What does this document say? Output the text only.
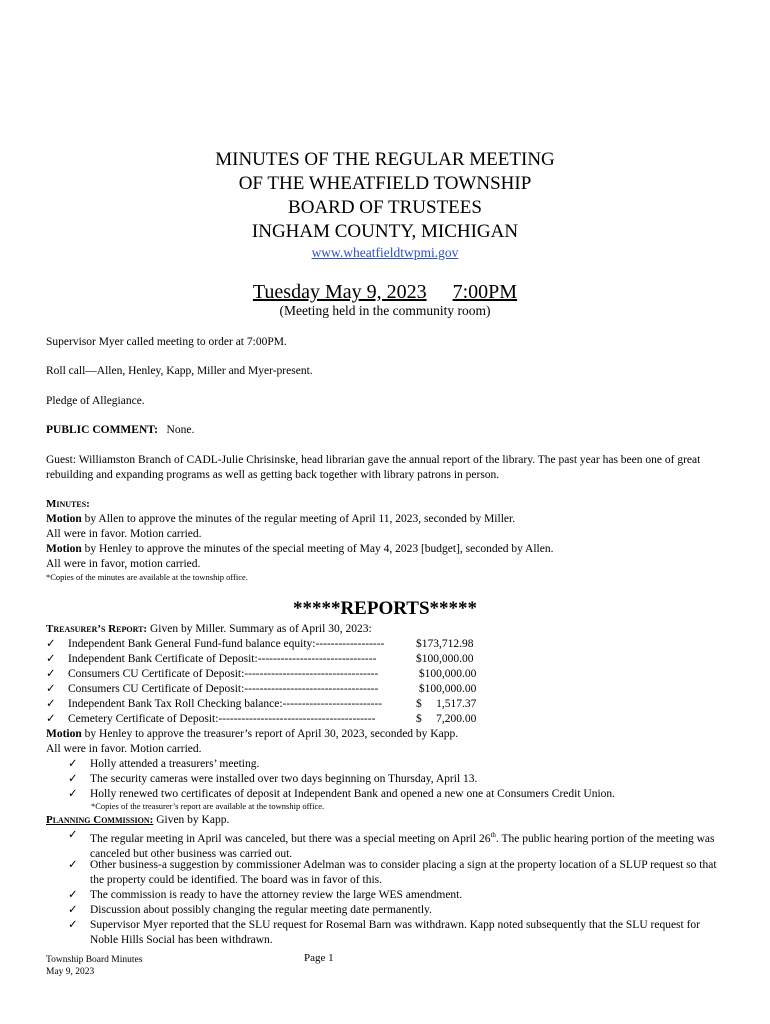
MINUTES OF THE REGULAR MEETING
OF THE WHEATFIELD TOWNSHIP
BOARD OF TRUSTEES
INGHAM COUNTY, MICHIGAN
www.wheatfieldtwpmi.gov
Tuesday May 9, 2023 7:00PM
(Meeting held in the community room)
Supervisor Myer called meeting to order at 7:00PM.
Roll call—Allen, Henley, Kapp, Miller and Myer-present.
Pledge of Allegiance.
PUBLIC COMMENT: None.
Guest: Williamston Branch of CADL-Julie Chrisinske, head librarian gave the annual report of the library. The past year has been one of great rebuilding and expanding programs as well as getting back together with library patrons in person.
Minutes:
Motion by Allen to approve the minutes of the regular meeting of April 11, 2023, seconded by Miller.
All were in favor. Motion carried.
Motion by Henley to approve the minutes of the special meeting of May 4, 2023 [budget], seconded by Allen.
All were in favor, motion carried.
*Copies of the minutes are available at the township office.
*****REPORTS*****
Treasurer’s Report: Given by Miller. Summary as of April 30, 2023:
✓ Independent Bank General Fund-fund balance equity:------------------	$173,712.98
✓ Independent Bank Certificate of Deposit:-------------------------------	$100,000.00
✓ Consumers CU Certificate of Deposit:-----------------------------------	$100,000.00
✓ Consumers CU Certificate of Deposit:-----------------------------------	$100,000.00
✓ Independent Bank Tax Roll Checking balance:--------------------------	$     1,517.37
✓ Cemetery Certificate of Deposit:-----------------------------------------	$     7,200.00
Motion by Henley to approve the treasurer’s report of April 30, 2023, seconded by Kapp.
All were in favor. Motion carried.
✓	Holly attended a treasurers’ meeting.
✓	The security cameras were installed over two days beginning on Thursday, April 13.
✓	Holly renewed two certificates of deposit at Independent Bank and opened a new one at Consumers Credit Union.
*Copies of the treasurer’s report are available at the township office.
Planning Commission: Given by Kapp.
✓	The regular meeting in April was canceled, but there was a special meeting on April 26th. The public hearing portion of the meeting was canceled but other business was carried out.
✓	Other business-a suggestion by commissioner Adelman was to consider placing a sign at the property location of a SLUP request so that the property could be identified. The board was in favor of this.
✓	The commission is ready to have the attorney review the large WES amendment.
✓	Discussion about possibly changing the regular meeting date permanently.
✓	Supervisor Myer reported that the SLU request for Rosemal Barn was withdrawn. Kapp noted subsequently that the SLU request for Noble Hills Social has been withdrawn.
Township Board Minutes
May 9, 2023
Page 1
